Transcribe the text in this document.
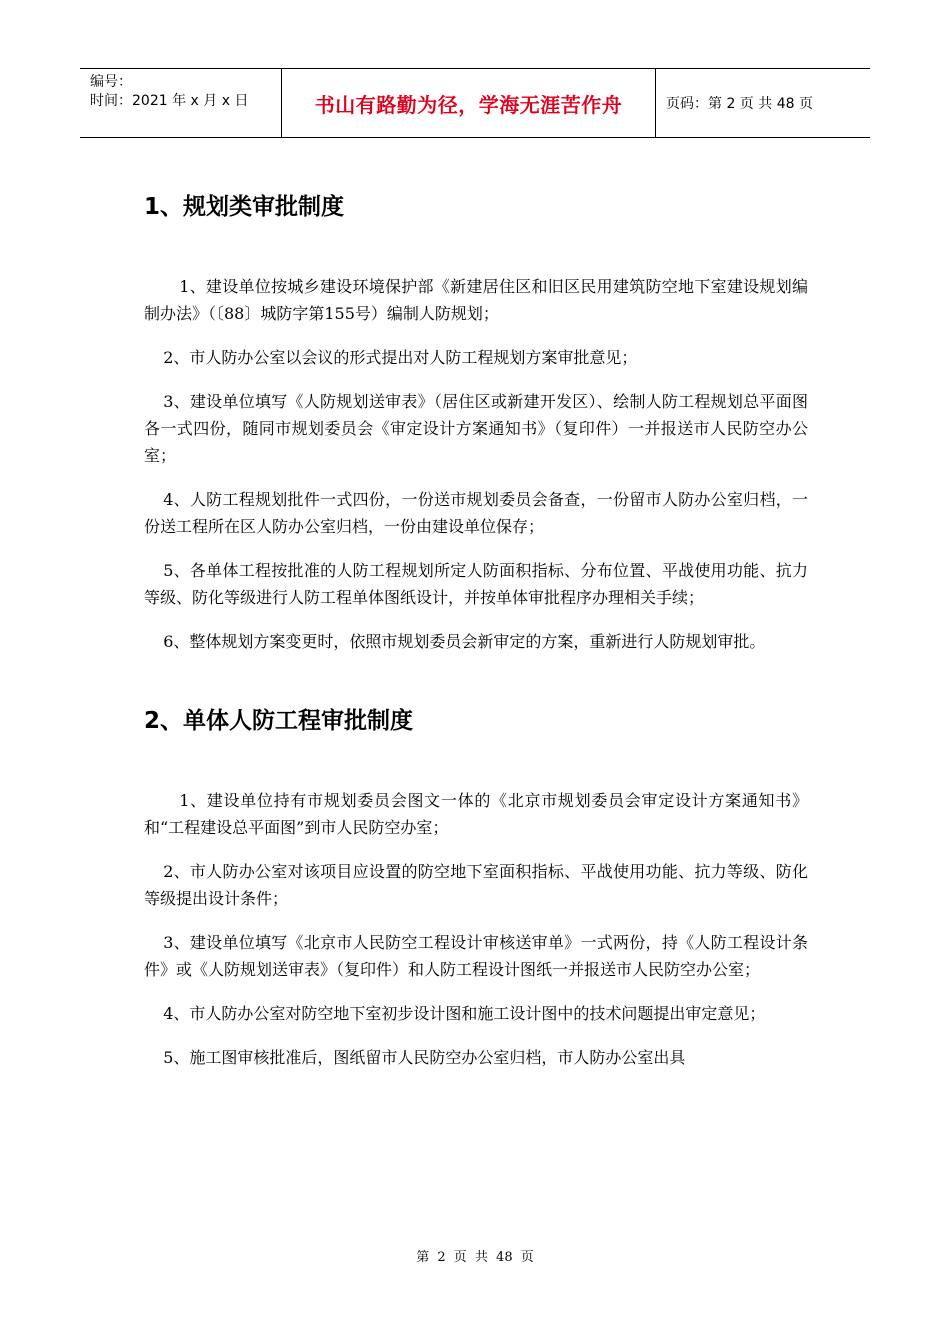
编号：
时间：2021 年 x 月 x 日	书山有路勤为径，学海无涯苦作舟	页码：第 2 页 共 48 页
1、规划类审批制度

1、建设单位按城乡建设环境保护部《新建居住区和旧区民用建筑防空地下室建设规划编制办法》（〔88〕城防字第155号）编制人防规划；

2、市人防办公室以会议的形式提出对人防工程规划方案审批意见；

3、建设单位填写《人防规划送审表》（居住区或新建开发区）、绘制人防工程规划总平面图各一式四份，随同市规划委员会《审定设计方案通知书》（复印件）一并报送市人民防空办公室；

4、人防工程规划批件一式四份，一份送市规划委员会备查，一份留市人防办公室归档，一份送工程所在区人防办公室归档，一份由建设单位保存；

5、各单体工程按批准的人防工程规划所定人防面积指标、分布位置、平战使用功能、抗力等级、防化等级进行人防工程单体图纸设计，并按单体审批程序办理相关手续；

6、整体规划方案变更时，依照市规划委员会新审定的方案，重新进行人防规划审批。

2、单体人防工程审批制度

1、建设单位持有市规划委员会图文一体的《北京市规划委员会审定设计方案通知书》和“工程建设总平面图”到市人民防空办室；

2、市人防办公室对该项目应设置的防空地下室面积指标、平战使用功能、抗力等级、防化等级提出设计条件；

3、建设单位填写《北京市人民防空工程设计审核送审单》一式两份，持《人防工程设计条件》或《人防规划送审表》（复印件）和人防工程设计图纸一并报送市人民防空办公室；

4、市人防办公室对防空地下室初步设计图和施工设计图中的技术问题提出审定意见；

5、施工图审核批准后，图纸留市人民防空办公室归档，市人防办公室出具

第 2 页 共 48 页
